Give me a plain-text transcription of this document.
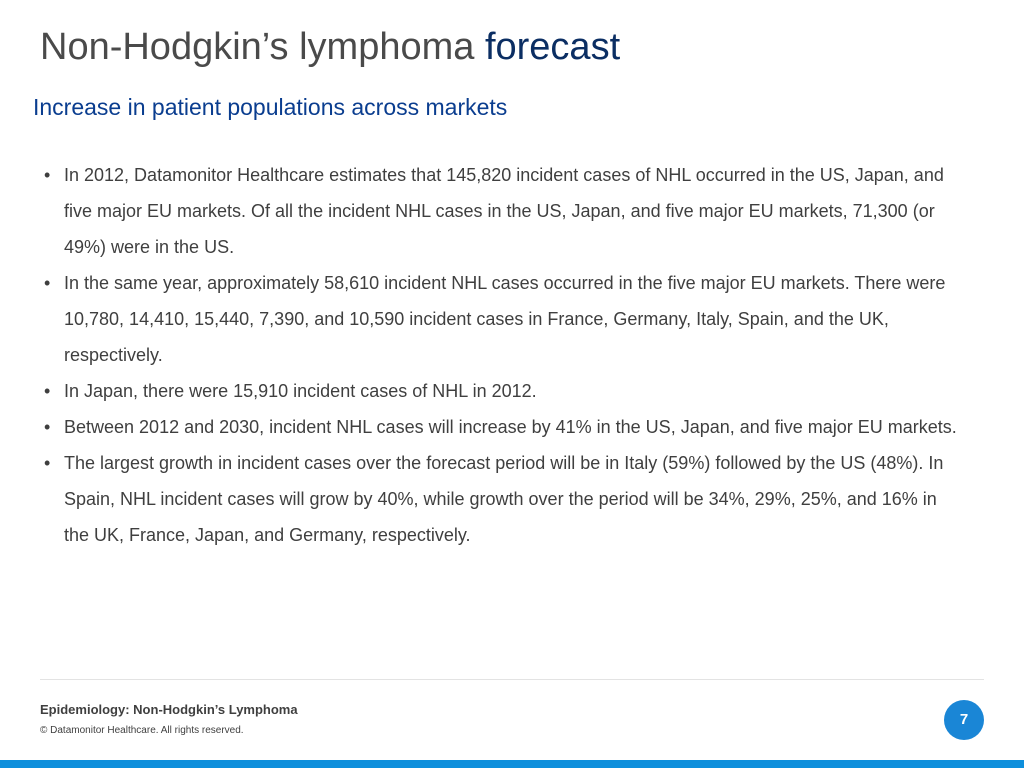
Non-Hodgkin’s lymphoma forecast
Increase in patient populations across markets
• In 2012, Datamonitor Healthcare estimates that 145,820 incident cases of NHL occurred in the US, Japan, and five major EU markets. Of all the incident NHL cases in the US, Japan, and five major EU markets, 71,300 (or 49%) were in the US.
• In the same year, approximately 58,610 incident NHL cases occurred in the five major EU markets. There were 10,780, 14,410, 15,440, 7,390, and 10,590 incident cases in France, Germany, Italy, Spain, and the UK, respectively.
• In Japan, there were 15,910 incident cases of NHL in 2012.
• Between 2012 and 2030, incident NHL cases will increase by 41% in the US, Japan, and five major EU markets.
• The largest growth in incident cases over the forecast period will be in Italy (59%) followed by the US (48%). In Spain, NHL incident cases will grow by 40%, while growth over the period will be 34%, 29%, 25%, and 16% in the UK, France, Japan, and Germany, respectively.
Epidemiology: Non-Hodgkin’s Lymphoma
© Datamonitor Healthcare. All rights reserved.
7
